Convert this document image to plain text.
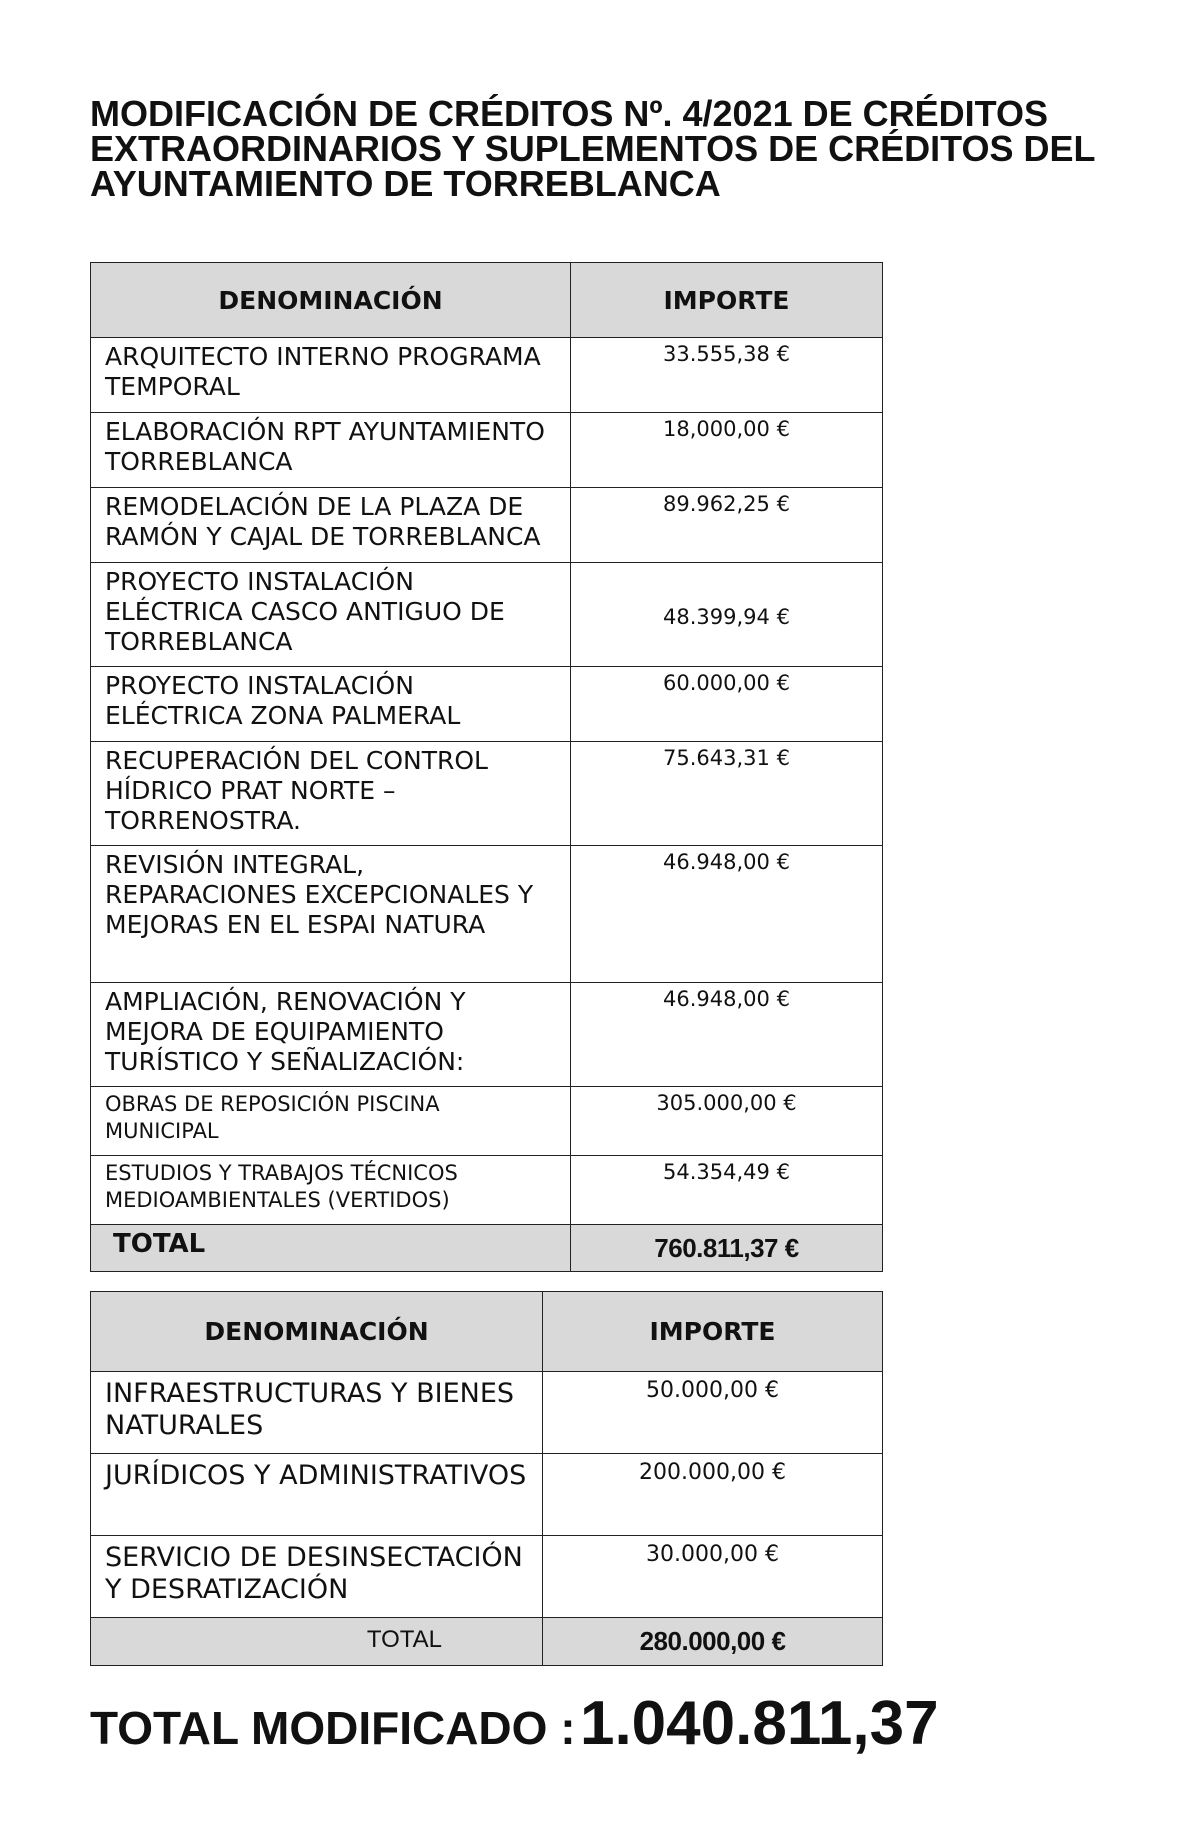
MODIFICACIÓN DE CRÉDITOS Nº. 4/2021 DE CRÉDITOS
EXTRAORDINARIOS Y SUPLEMENTOS DE CRÉDITOS DEL
AYUNTAMIENTO DE TORREBLANCA
DENOMINACIÓN	IMPORTE
ARQUITECTO INTERNO PROGRAMA TEMPORAL	33.555,38 €
ELABORACIÓN RPT AYUNTAMIENTO TORREBLANCA	18,000,00 €
REMODELACIÓN DE LA PLAZA DE RAMÓN Y CAJAL DE TORREBLANCA	89.962,25 €
PROYECTO INSTALACIÓN ELÉCTRICA CASCO ANTIGUO DE TORREBLANCA	48.399,94 €
PROYECTO INSTALACIÓN ELÉCTRICA ZONA PALMERAL	60.000,00 €
RECUPERACIÓN DEL CONTROL HÍDRICO PRAT NORTE – TORRENOSTRA.	75.643,31 €
REVISIÓN INTEGRAL, REPARACIONES EXCEPCIONALES Y MEJORAS EN EL ESPAI NATURA	46.948,00 €
AMPLIACIÓN, RENOVACIÓN Y MEJORA DE EQUIPAMIENTO TURÍSTICO Y SEÑALIZACIÓN:	46.948,00 €
OBRAS DE REPOSICIÓN PISCINA MUNICIPAL	305.000,00 €
ESTUDIOS Y TRABAJOS TÉCNICOS MEDIOAMBIENTALES (VERTIDOS)	54.354,49 €
TOTAL	760.811,37 €
DENOMINACIÓN	IMPORTE
INFRAESTRUCTURAS Y BIENES NATURALES	50.000,00 €
JURÍDICOS Y ADMINISTRATIVOS	200.000,00 €
SERVICIO DE DESINSECTACIÓN Y DESRATIZACIÓN	30.000,00 €
TOTAL	280.000,00 €
TOTAL MODIFICADO : 1.040.811,37
